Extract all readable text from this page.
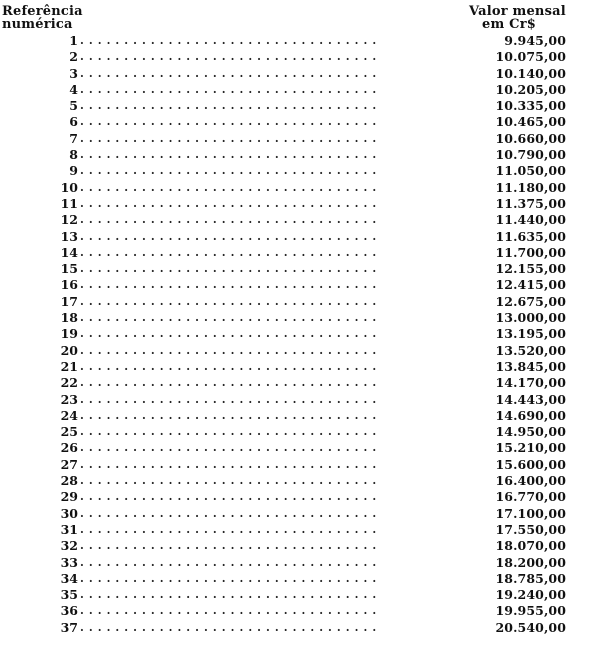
Referência
numérica
Valor mensal
em Cr$
1 . . . . . . . . . . . . . . . . . . . . . . . . . . . . . . . . . .	9.945,00
2 . . . . . . . . . . . . . . . . . . . . . . . . . . . . . . . . . .	10.075,00
3 . . . . . . . . . . . . . . . . . . . . . . . . . . . . . . . . . .	10.140,00
4 . . . . . . . . . . . . . . . . . . . . . . . . . . . . . . . . . .	10.205,00
5 . . . . . . . . . . . . . . . . . . . . . . . . . . . . . . . . . .	10.335,00
6 . . . . . . . . . . . . . . . . . . . . . . . . . . . . . . . . . .	10.465,00
7 . . . . . . . . . . . . . . . . . . . . . . . . . . . . . . . . . .	10.660,00
8 . . . . . . . . . . . . . . . . . . . . . . . . . . . . . . . . . .	10.790,00
9 . . . . . . . . . . . . . . . . . . . . . . . . . . . . . . . . . .	11.050,00
10 . . . . . . . . . . . . . . . . . . . . . . . . . . . . . . . . . .	11.180,00
11 . . . . . . . . . . . . . . . . . . . . . . . . . . . . . . . . . .	11.375,00
12 . . . . . . . . . . . . . . . . . . . . . . . . . . . . . . . . . .	11.440,00
13 . . . . . . . . . . . . . . . . . . . . . . . . . . . . . . . . . .	11.635,00
14 . . . . . . . . . . . . . . . . . . . . . . . . . . . . . . . . . .	11.700,00
15 . . . . . . . . . . . . . . . . . . . . . . . . . . . . . . . . . .	12.155,00
16 . . . . . . . . . . . . . . . . . . . . . . . . . . . . . . . . . .	12.415,00
17 . . . . . . . . . . . . . . . . . . . . . . . . . . . . . . . . . .	12.675,00
18 . . . . . . . . . . . . . . . . . . . . . . . . . . . . . . . . . .	13.000,00
19 . . . . . . . . . . . . . . . . . . . . . . . . . . . . . . . . . .	13.195,00
20 . . . . . . . . . . . . . . . . . . . . . . . . . . . . . . . . . .	13.520,00
21 . . . . . . . . . . . . . . . . . . . . . . . . . . . . . . . . . .	13.845,00
22 . . . . . . . . . . . . . . . . . . . . . . . . . . . . . . . . . .	14.170,00
23 . . . . . . . . . . . . . . . . . . . . . . . . . . . . . . . . . .	14.443,00
24 . . . . . . . . . . . . . . . . . . . . . . . . . . . . . . . . . .	14.690,00
25 . . . . . . . . . . . . . . . . . . . . . . . . . . . . . . . . . .	14.950,00
26 . . . . . . . . . . . . . . . . . . . . . . . . . . . . . . . . . .	15.210,00
27 . . . . . . . . . . . . . . . . . . . . . . . . . . . . . . . . . .	15.600,00
28 . . . . . . . . . . . . . . . . . . . . . . . . . . . . . . . . . .	16.400,00
29 . . . . . . . . . . . . . . . . . . . . . . . . . . . . . . . . . .	16.770,00
30 . . . . . . . . . . . . . . . . . . . . . . . . . . . . . . . . . .	17.100,00
31 . . . . . . . . . . . . . . . . . . . . . . . . . . . . . . . . . .	17.550,00
32 . . . . . . . . . . . . . . . . . . . . . . . . . . . . . . . . . .	18.070,00
33 . . . . . . . . . . . . . . . . . . . . . . . . . . . . . . . . . .	18.200,00
34 . . . . . . . . . . . . . . . . . . . . . . . . . . . . . . . . . .	18.785,00
35 . . . . . . . . . . . . . . . . . . . . . . . . . . . . . . . . . .	19.240,00
36 . . . . . . . . . . . . . . . . . . . . . . . . . . . . . . . . . .	19.955,00
37 . . . . . . . . . . . . . . . . . . . . . . . . . . . . . . . . . .	20.540,00
